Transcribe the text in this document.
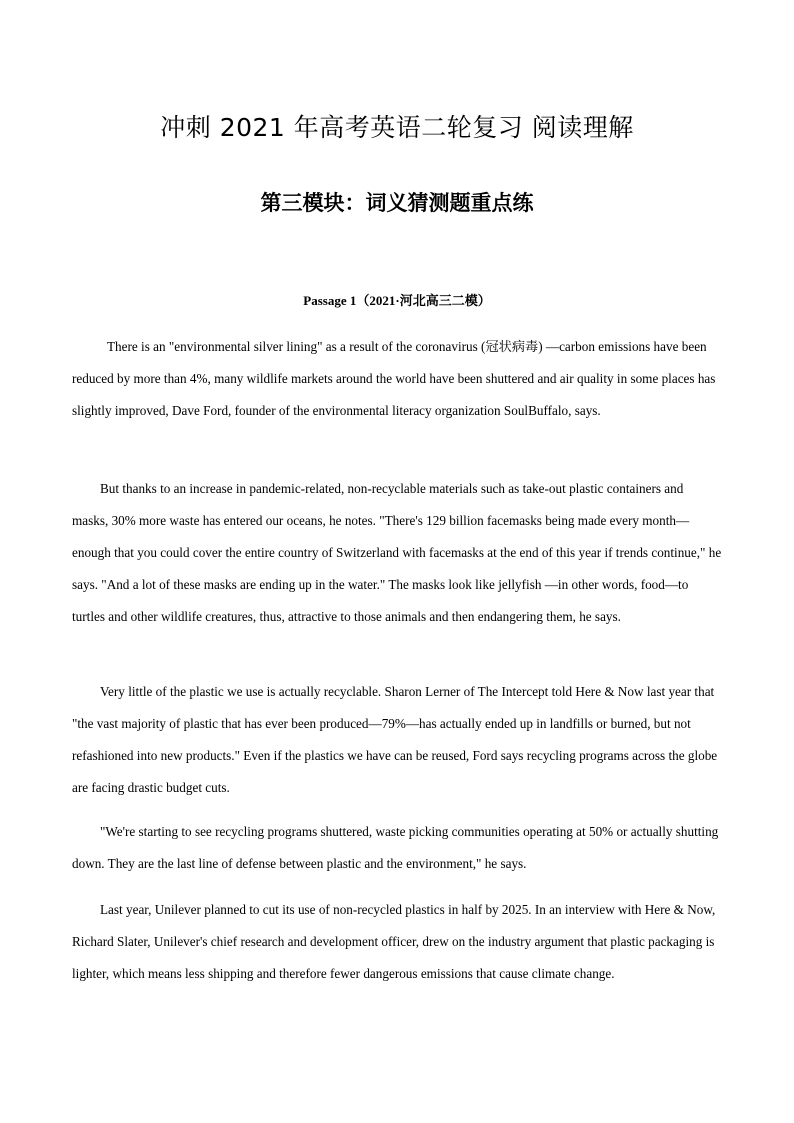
冲刺 2021 年高考英语二轮复习 阅读理解
第三模块：词义猜测题重点练
Passage 1（2021·河北高三二模）

There is an "environmental silver lining" as a result of the coronavirus (冠状病毒) —carbon emissions have been reduced by more than 4%, many wildlife markets around the world have been shuttered and air quality in some places has slightly improved, Dave Ford, founder of the environmental literacy organization SoulBuffalo, says.

But thanks to an increase in pandemic-related, non-recyclable materials such as take-out plastic containers and masks, 30% more waste has entered our oceans, he notes. "There's 129 billion facemasks being made every month—enough that you could cover the entire country of Switzerland with facemasks at the end of this year if trends continue," he says. "And a lot of these masks are ending up in the water." The masks look like jellyfish —in other words, food—to turtles and other wildlife creatures, thus, attractive to those animals and then endangering them, he says.

Very little of the plastic we use is actually recyclable. Sharon Lerner of The Intercept told Here & Now last year that "the vast majority of plastic that has ever been produced—79%—has actually ended up in landfills or burned, but not refashioned into new products." Even if the plastics we have can be reused, Ford says recycling programs across the globe are facing drastic budget cuts.

"We're starting to see recycling programs shuttered, waste picking communities operating at 50% or actually shutting down. They are the last line of defense between plastic and the environment," he says.

Last year, Unilever planned to cut its use of non-recycled plastics in half by 2025. In an interview with Here & Now, Richard Slater, Unilever's chief research and development officer, drew on the industry argument that plastic packaging is lighter, which means less shipping and therefore fewer dangerous emissions that cause climate change.
